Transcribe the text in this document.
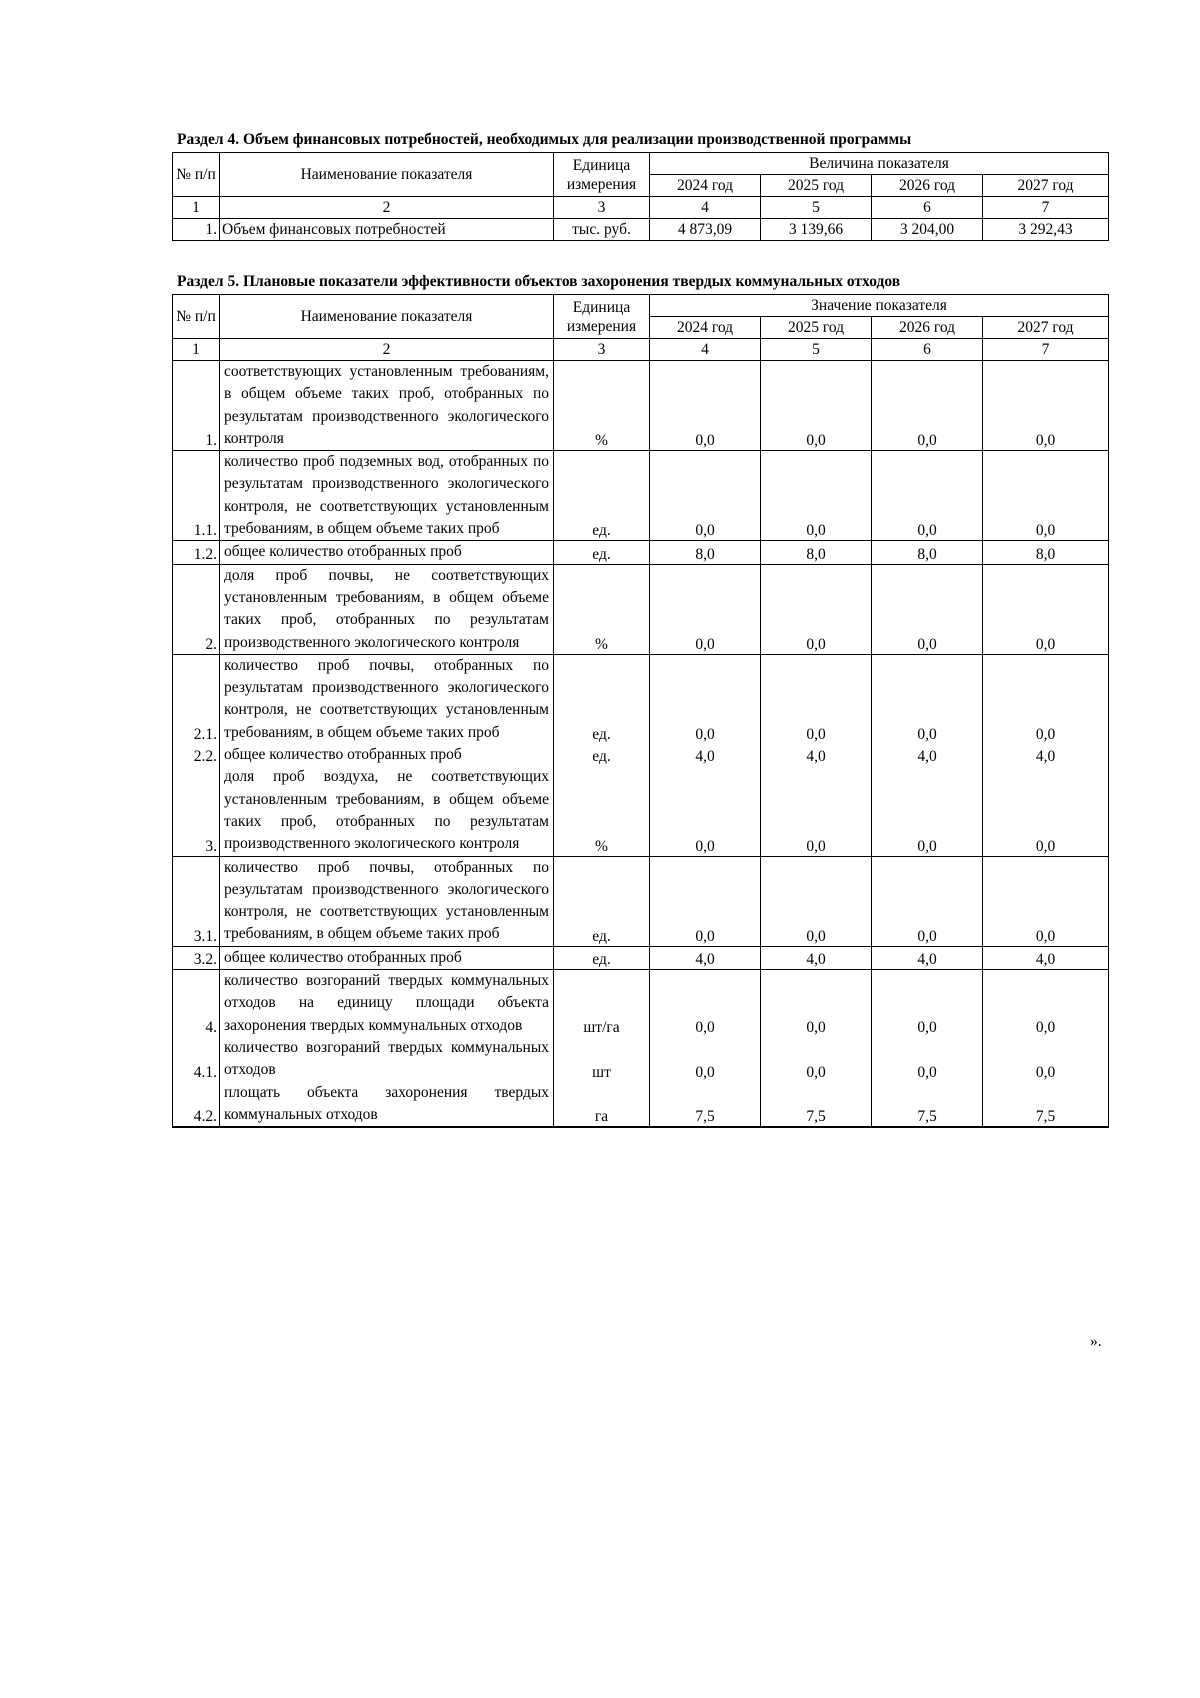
Раздел 4. Объем финансовых потребностей, необходимых для реализации производственной программы
№ п/п	Наименование показателя	Единица измерения	Величина показателя			
			2024 год	2025 год	2026 год	2027 год
1	2	3	4	5	6	7
1.	Объем финансовых потребностей	тыс. руб.	4 873,09	3 139,66	3 204,00	3 292,43
Раздел 5. Плановые показатели эффективности объектов захоронения твердых коммунальных отходов
№ п/п	Наименование показателя	Единица измерения	Значение показателя			
			2024 год	2025 год	2026 год	2027 год
1	2	3	4	5	6	7
1.	соответствующих установленным требованиям, в общем объеме таких проб, отобранных по результатам производственного экологического контроля	%	0,0	0,0	0,0	0,0
1.1.	количество проб подземных вод, отобранных по результатам производственного экологического контроля, не соответствующих установленным требованиям, в общем объеме таких проб	ед.	0,0	0,0	0,0	0,0
1.2.	общее количество отобранных проб	ед.	8,0	8,0	8,0	8,0
2.	доля проб почвы, не соответствующих установленным требованиям, в общем объеме таких проб, отобранных по результатам производственного экологического контроля	%	0,0	0,0	0,0	0,0
2.1.	количество проб почвы, отобранных по результатам производственного экологического контроля, не соответствующих установленным требованиям, в общем объеме таких проб	ед.	0,0	0,0	0,0	0,0
2.2.	общее количество отобранных проб	ед.	4,0	4,0	4,0	4,0
3.	доля проб воздуха, не соответствующих установленным требованиям, в общем объеме таких проб, отобранных по результатам производственного экологического контроля	%	0,0	0,0	0,0	0,0
3.1.	количество проб почвы, отобранных по результатам производственного экологического контроля, не соответствующих установленным требованиям, в общем объеме таких проб	ед.	0,0	0,0	0,0	0,0
3.2.	общее количество отобранных проб	ед.	4,0	4,0	4,0	4,0
4.	количество возгораний твердых коммунальных отходов на единицу площади объекта захоронения твердых коммунальных отходов	шт/га	0,0	0,0	0,0	0,0
4.1.	количество возгораний твердых коммунальных отходов	шт	0,0	0,0	0,0	0,0
4.2.	площать объекта захоронения твердых коммунальных отходов	га	7,5	7,5	7,5	7,5
».
